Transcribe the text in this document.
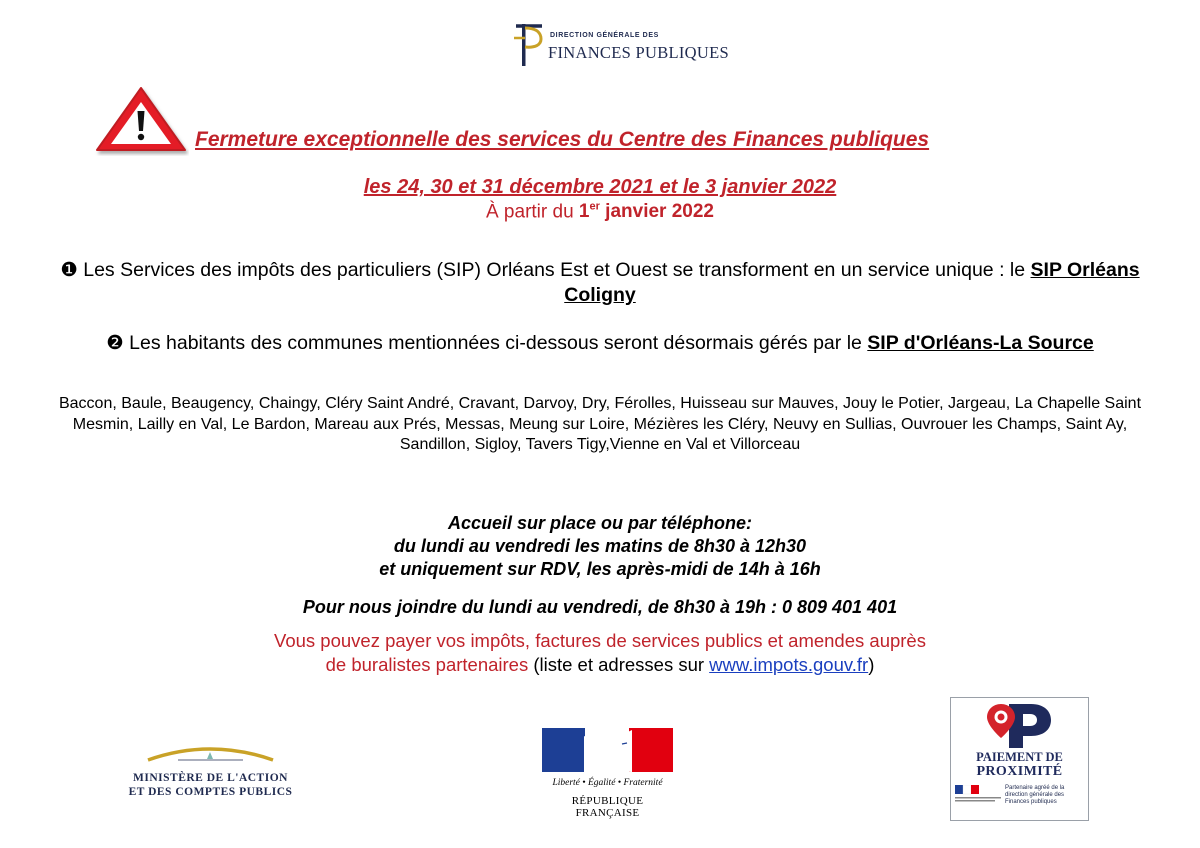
DIRECTION GÉNÉRALE DES
FINANCES PUBLIQUES
Fermeture exceptionnelle des services du Centre des Finances publiques
les 24, 30 et 31 décembre 2021 et le 3 janvier 2022
À partir du 1er janvier 2022
❶ Les Services des impôts des particuliers (SIP) Orléans Est et Ouest se transforment en un service unique : le SIP Orléans Coligny
❷ Les habitants des communes mentionnées ci-dessous seront désormais gérés par le SIP d'Orléans-La Source
Baccon, Baule, Beaugency, Chaingy, Cléry Saint André, Cravant, Darvoy, Dry, Férolles, Huisseau sur Mauves, Jouy le Potier, Jargeau, La Chapelle Saint Mesmin, Lailly en Val, Le Bardon, Mareau aux Prés, Messas, Meung sur Loire, Mézières les Cléry, Neuvy en Sullias, Ouvrouer les Champs, Saint Ay, Sandillon, Sigloy, Tavers Tigy,Vienne en Val et Villorceau
Accueil sur place ou par téléphone:
du lundi au vendredi les matins de 8h30 à 12h30
et uniquement sur RDV, les après-midi de 14h à 16h
Pour nous joindre du lundi au vendredi, de 8h30 à 19h : 0 809 401 401
Vous pouvez payer vos impôts, factures de services publics et amendes auprès
de buralistes partenaires (liste et adresses sur www.impots.gouv.fr)
MINISTÈRE DE L'ACTION
ET DES COMPTES PUBLICS
Liberté • Égalité • Fraternité
RÉPUBLIQUE FRANÇAISE
PAIEMENT DE
PROXIMITÉ
Partenaire agréé de la direction générale des Finances publiques
